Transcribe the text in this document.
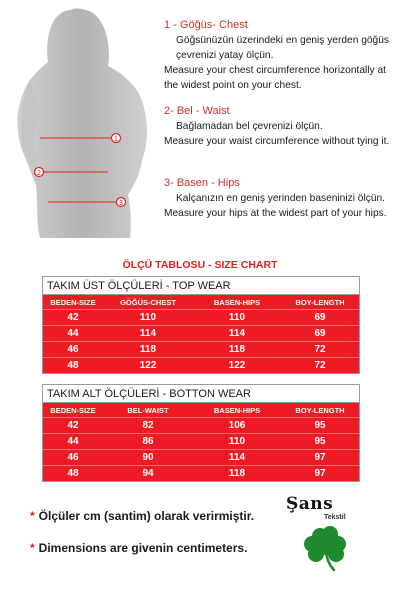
1
2
3
1 - Göğüs- Chest
Göğsünüzün üzerindeki en geniş yerden göğüs çevrenizi yatay ölçün.
Measure your chest circumference horizontally at the widest point on your chest.
2- Bel - Waist
Bağlamadan bel çevrenizi ölçün.
Measure your waist circumference without tying it.
3- Basen - Hips
Kalçanızın en geniş yerinden baseninizi ölçün.
Measure your hips at the widest part of your hips.
ÖLÇÜ TABLOSU - SIZE CHART
TAKIM ÜST ÖLÇÜLERİ - TOP WEAR
BEDEN-SIZE	GÖĞÜS-CHEST	BASEN-HIPS	BOY-LENGTH
42	110	110	69
44	114	114	69
46	118	118	72
48	122	122	72
TAKIM ALT ÖLÇÜLERİ - BOTTON WEAR
BEDEN-SIZE	BEL-WAIST	BASEN-HIPS	BOY-LENGTH
42	82	106	95
44	86	110	95
46	90	114	97
48	94	118	97
* Ölçüler cm (santim) olarak verirmiştir.
* Dimensions are givenin centimeters.
Şans
Tekstil
